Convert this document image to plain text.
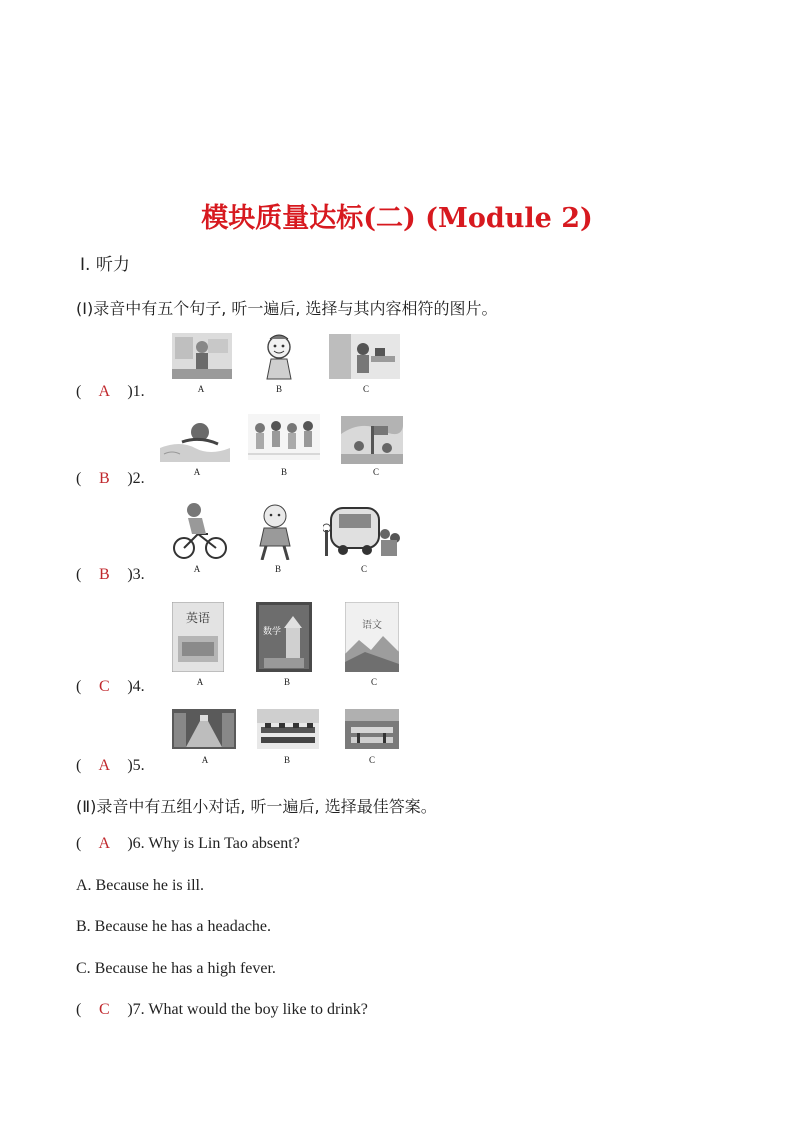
模块质量达标(二) (Module 2)
Ⅰ. 听力
(Ⅰ)录音中有五个句子, 听一遍后, 选择与其内容相符的图片。
( A )1.	A	B	C
( B )2.	A	B	C
( B )3.	A	B	C
( C )4.
英语
数学
语文
A	B	C
( A )5.	A	B	C
(Ⅱ)录音中有五组小对话, 听一遍后, 选择最佳答案。
( A )6. Why is Lin Tao absent?
A. Because he is ill.
B. Because he has a headache.
C. Because he has a high fever.
( C )7. What would the boy like to drink?
